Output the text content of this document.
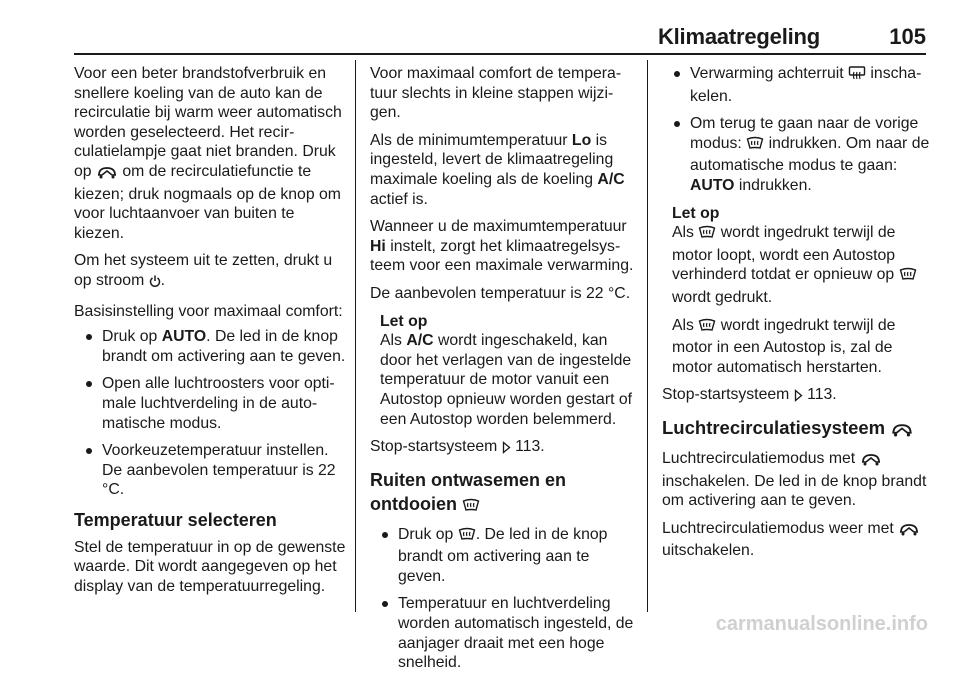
Klimaatregeling	105

Voor een beter brandstofverbruik en snellere koeling van de auto kan de recirculatie bij warm weer automatisch worden geselecteerd. Het recirculatielampje gaat niet branden. Druk op  om de recirculatiefunctie te kiezen; druk nogmaals op de knop om voor luchtaanvoer van buiten te kiezen.

Om het systeem uit te zetten, drukt u op stroom .

Basisinstelling voor maximaal comfort:

Druk op AUTO. De led in de knop brandt om activering aan te geven.
Open alle luchtroosters voor optimale luchtverdeling in de automatische modus.
Voorkeuzetemperatuur instellen. De aanbevolen temperatuur is 22 °C.
Temperatuur selecteren

Stel de temperatuur in op de gewenste waarde. Dit wordt aangegeven op het display van de temperatuurregeling.

Voor maximaal comfort de temperatuur slechts in kleine stappen wijzigen.

Als de minimumtemperatuur Lo is ingesteld, levert de klimaatregeling maximale koeling als de koeling A/C actief is.

Wanneer u de maximumtemperatuur Hi instelt, zorgt het klimaatregelsysteem voor een maximale verwarming.

De aanbevolen temperatuur is 22 °C.

Let op
Als A/C wordt ingeschakeld, kan door het verlagen van de ingestelde temperatuur de motor vanuit een Autostop opnieuw worden gestart of een Autostop worden belemmerd.

Stop-startsysteem  113.

Ruiten ontwasemen en ontdooien
Druk op . De led in de knop brandt om activering aan te geven.
Temperatuur en luchtverdeling worden automatisch ingesteld, de aanjager draait met een hoge snelheid.
Verwarming achterruit  inschakelen.
Om terug te gaan naar de vorige modus:  indrukken. Om naar de automatische modus te gaan: AUTO indrukken.
Let op

Als  wordt ingedrukt terwijl de motor loopt, wordt een Autostop verhinderd totdat er opnieuw op  wordt gedrukt.

Als  wordt ingedrukt terwijl de motor in een Autostop is, zal de motor automatisch herstarten.

Stop-startsysteem  113.

Luchtrecirculatiesysteem

Luchtrecirculatiemodus met  inschakelen. De led in de knop brandt om activering aan te geven.

Luchtrecirculatiemodus weer met  uitschakelen.

carmanualsonline.info
